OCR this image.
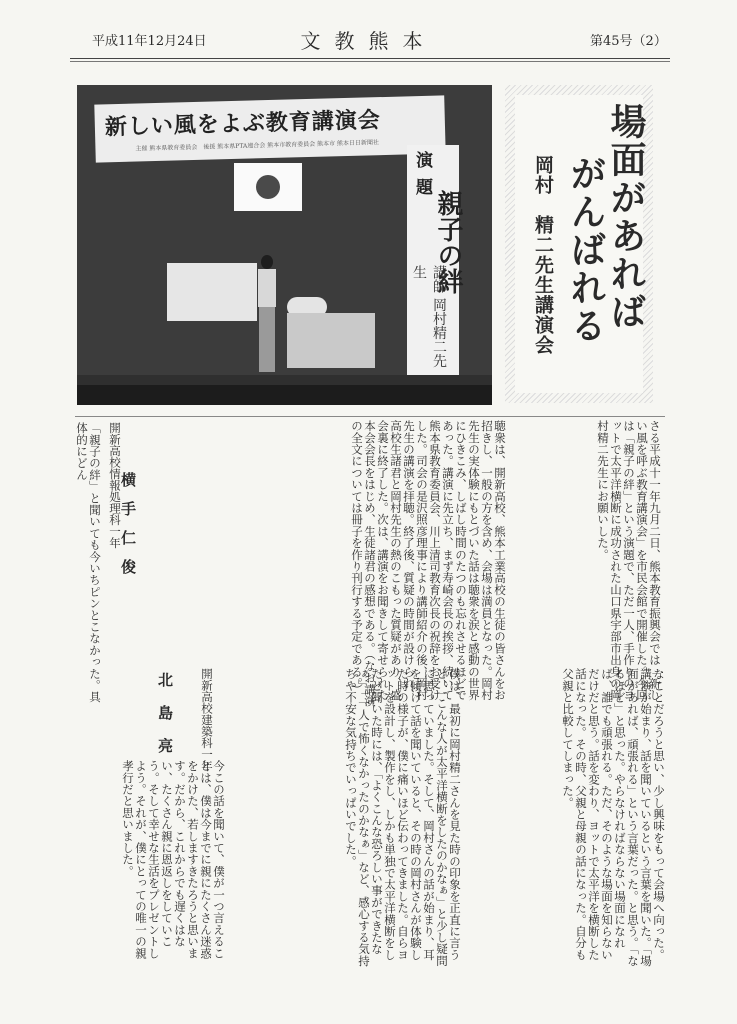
平成11年12月24日	文教熊本	第45号（2）
新しい風をよぶ教育講演会
主催 熊本県教育委員会　後援 熊本県PTA連合会 熊本市教育委員会 熊本市 熊本日日新聞社
演題
親子の絆
講師 岡村精二先生	場面があれば
がんばれる
岡村　精二先生講演会
さる平成十一年九月二日、熊本教育振興会では「新しい風を呼ぶ教育講演会」を市民会館で開催した。今回は「親子の絆」という演題で、ただ一人、手作りのヨットで太平洋横断に成功された山口県宇部市出身の岡村精二先生にお願いした。
聴衆は、開新高校、熊本工業高校の生徒の皆さんをお招きし、一般の方を含め、会場は満員となった。岡村先生の実体験にもとづいた話は聴衆を涙と感動の世界にひきこみ、しばし時間のたつのも忘れさせるほどであった。講演に先立ち、まず寿崎会長の挨拶、続いて熊本県教育委員会、川上清司教育次長の祝辞をお受けした。司会の是沢照彦理事により講師紹介の後、岡村先生の講演を拝聴。終了後、質疑の時間が設けられ、高校生諸君と岡村先生の熱のこもった質疑があり、盛会裏に終了した。次は、講演をお聞きして寄せられた本会会長をはじめ、生徒諸君の感想である。（なお講演の全文については冊子を作り刊行する予定である。）
開新高校情報処理科一年
横手仁俊
「親子の絆」と聞いても今いちピンとこなかった。具体的にどん
なことだろうと思い、少し興味をもって会場へ向った。講演が始まり、話を聞いているという言葉を聞いた。「場面があれば、頑張れる」という言葉だった。と思う。「なるほど」と思った。やらなければならない場面になれば、誰でも頑張れる。ただ、そのような場面を知らないだけだと思う。話を変わり、ヨットで太平洋を横断した話になった。その時、父親と母親の話になった。自分も父親と比較してしまった。
僕は、最初に岡村精二さんを見た時の印象を正直に言うと、「こんな人が太平洋横断をしたのかなぁ」と少し疑問に思っていました。そして、岡村さんの話が始まり、耳を傾けて話を聞いていると、その時の岡村さんが体験した時の様子が、僕に痛いほど伝わってきました。自らヨットを設計し、製作をし、しかも単独で太平洋横断をしたと聞いた時には、「よくこんな恐ろしい事ができたなぁ」「一人で怖くなかったのかなぁ」など、感心する気持ちや不安な気持ちでいっぱいでした。
開新高校建築科一年
北島亮
今この話を聞いて、僕が一つ言えることは、僕は今までに親にたくさん迷惑をかけた、若しますきたろうと思います。だから、これからでも遅くはない、たくさん親に恩返しをしていこう。そして幸せな生活をプレゼントしよう。それが、僕にとっての唯一の親孝行だと思いました。
